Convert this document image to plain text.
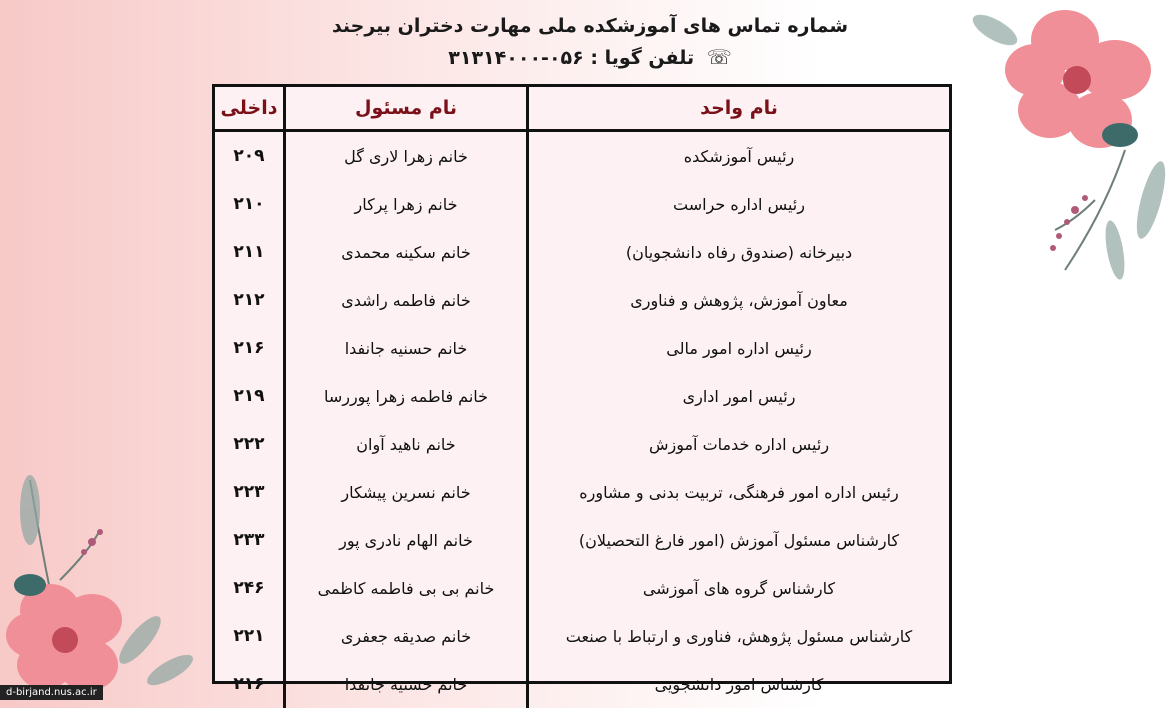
شماره تماس های آموزشکده ملی مهارت دختران بیرجند
☏ تلفن گویا : ۰۵۶-۳۱۳۱۴۰۰۰
نام واحد	نام مسئول	داخلی
رئیس آموزشکده	خانم زهرا لاری گل	۲۰۹
رئیس اداره حراست	خانم زهرا پرکار	۲۱۰
دبیرخانه (صندوق رفاه دانشجویان)	خانم سکینه محمدی	۲۱۱
معاون آموزش، پژوهش و فناوری	خانم فاطمه راشدی	۲۱۲
رئیس اداره امور مالی	خانم حسنیه جانفدا	۲۱۶
رئیس امور اداری	خانم فاطمه زهرا پوررسا	۲۱۹
رئیس اداره خدمات آموزش	خانم ناهید آوان	۲۲۲
رئیس اداره امور فرهنگی، تربیت بدنی و مشاوره	خانم نسرین پیشکار	۲۲۳
کارشناس مسئول آموزش (امور فارغ التحصیلان)	خانم الهام نادری پور	۲۳۳
کارشناس گروه های آموزشی	خانم بی بی فاطمه کاظمی	۲۴۶
کارشناس مسئول پژوهش، فناوری و ارتباط با صنعت	خانم صدیقه جعفری	۲۲۱
کارشناس امور دانشجویی	خانم حسنیه جانفدا	۲۱۶
d-birjand.nus.ac.ir
